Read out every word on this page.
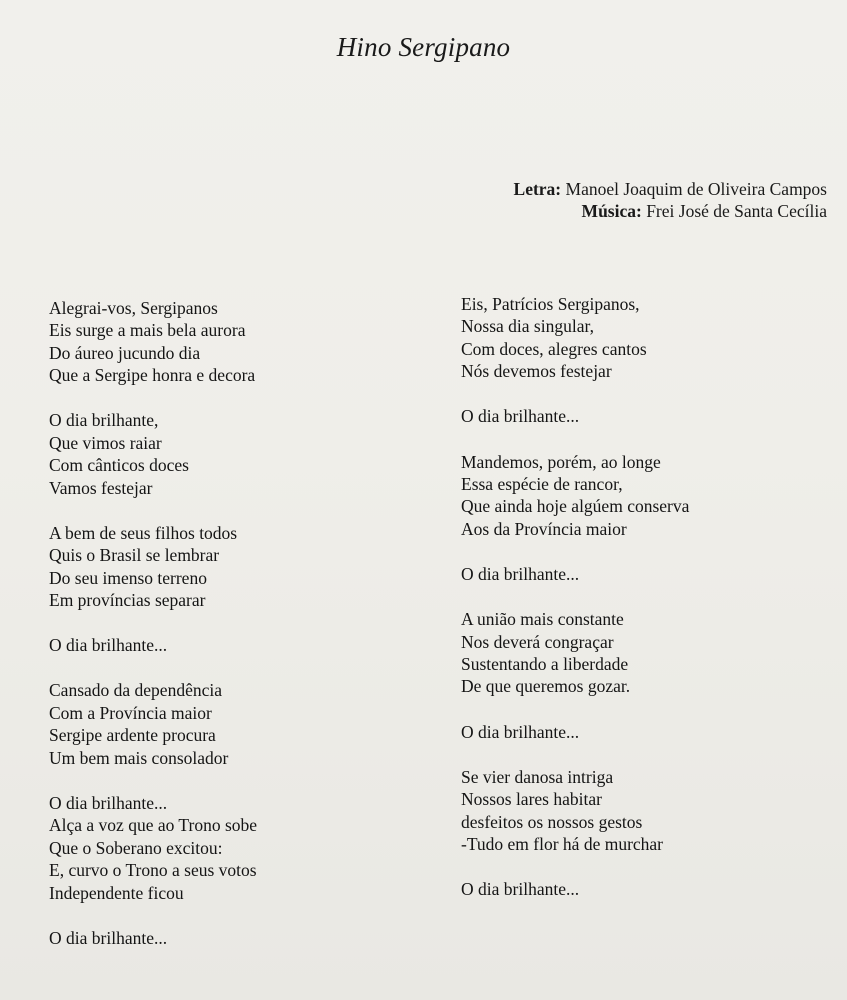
Hino Sergipano
Letra: Manoel Joaquim de Oliveira Campos
Música: Frei José de Santa Cecília
Alegrai-vos, Sergipanos
Eis surge a mais bela aurora
Do áureo jucundo dia
Que a Sergipe honra e decora
O dia brilhante,
Que vimos raiar
Com cânticos doces
Vamos festejar
A bem de seus filhos todos
Quis o Brasil se lembrar
Do seu imenso terreno
Em províncias separar
O dia brilhante...
Cansado da dependência
Com a Província maior
Sergipe ardente procura
Um bem mais consolador
O dia brilhante...
Alça a voz que ao Trono sobe
Que o Soberano excitou:
E, curvo o Trono a seus votos
Independente ficou
O dia brilhante...
Eis, Patrícios Sergipanos,
Nossa dia singular,
Com doces, alegres cantos
Nós devemos festejar
O dia brilhante...
Mandemos, porém, ao longe
Essa espécie de rancor,
Que ainda hoje algúem conserva
Aos da Província maior
O dia brilhante...
A união mais constante
Nos deverá congraçar
Sustentando a liberdade
De que queremos gozar.
O dia brilhante...
Se vier danosa intriga
Nossos lares habitar
desfeitos os nossos gestos
-Tudo em flor há de murchar
O dia brilhante...
